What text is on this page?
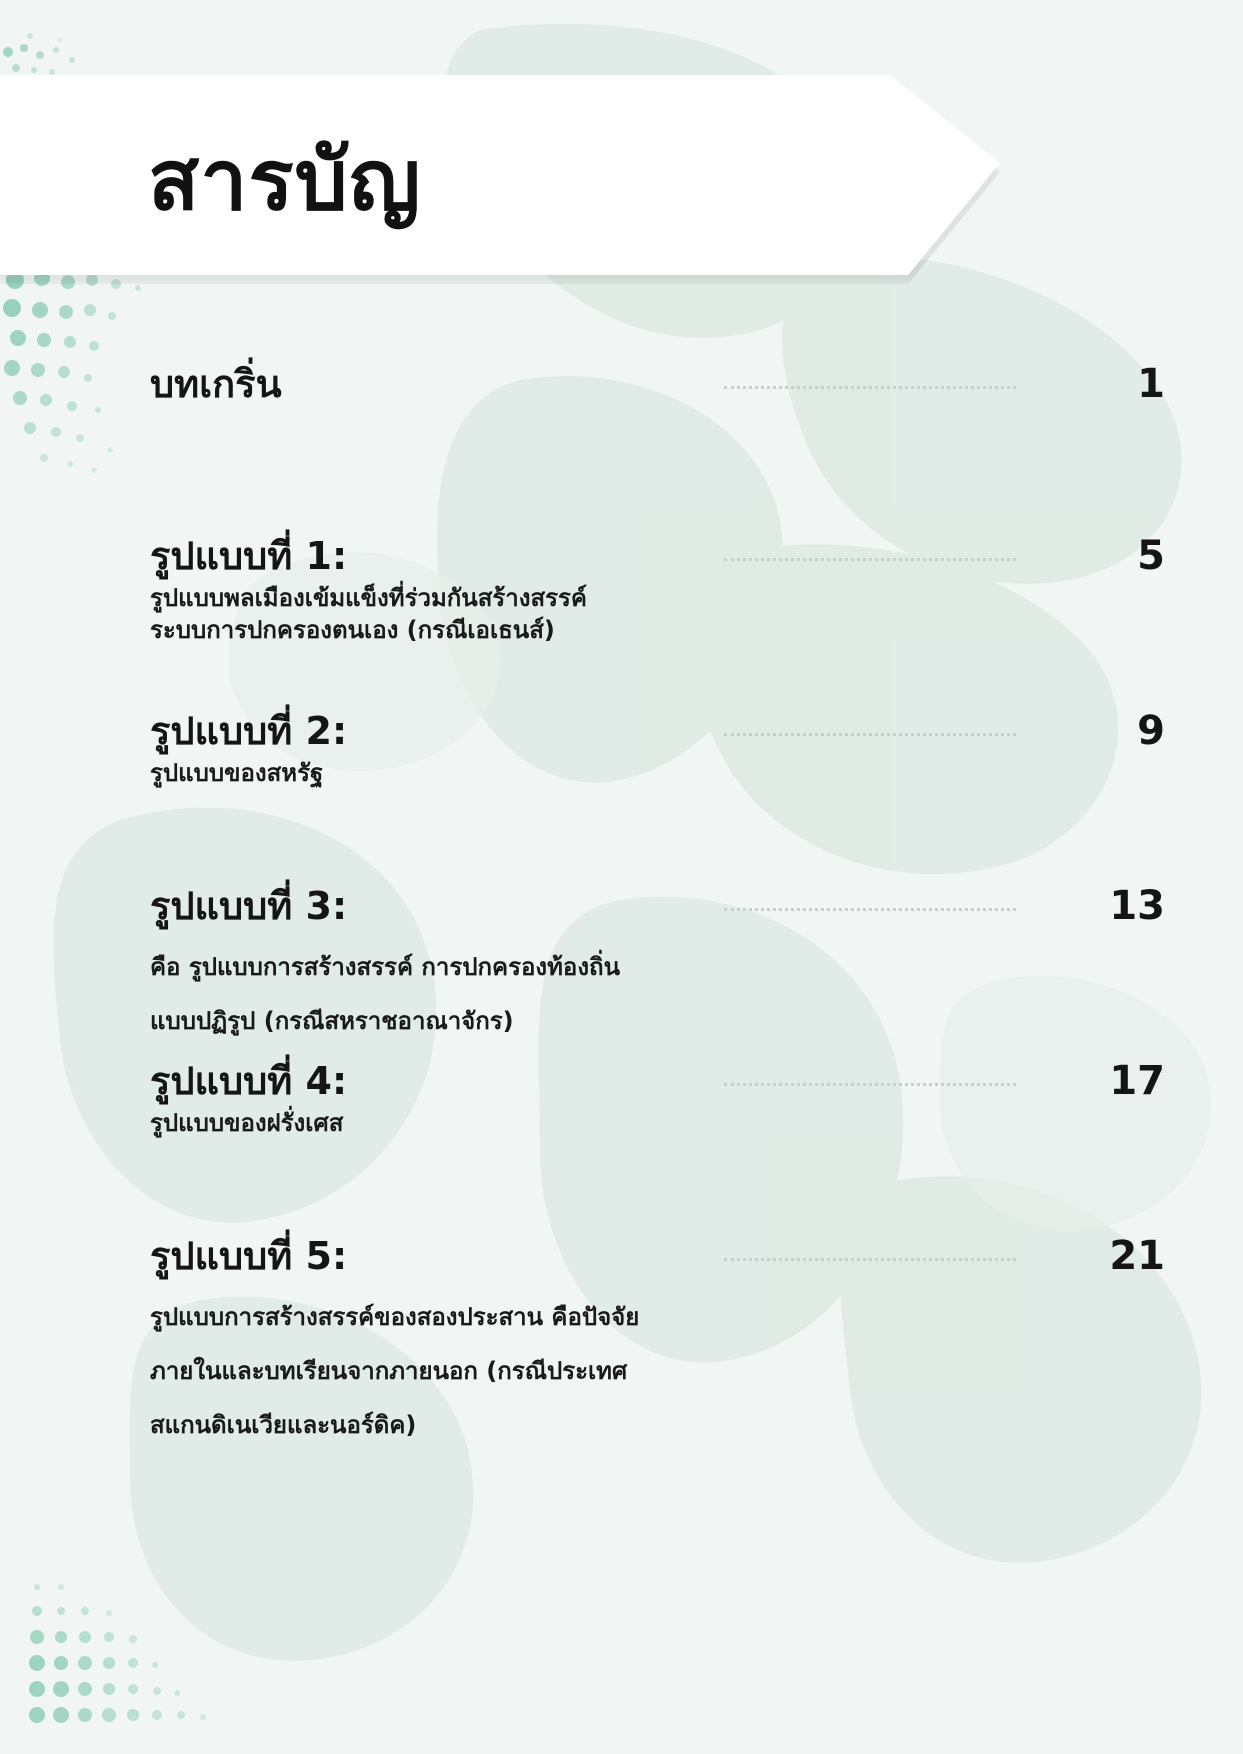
สารบัญ
บทเกริ่น	1
รูปแบบที่ 1:	5
รูปแบบพลเมืองเข้มแข็งที่ร่วมกันสร้างสรรค์
ระบบการปกครองตนเอง (กรณีเอเธนส์)
รูปแบบที่ 2:	9
รูปแบบของสหรัฐ
รูปแบบที่ 3:	13
คือ รูปแบบการสร้างสรรค์ การปกครองท้องถิ่น
แบบปฏิรูป (กรณีสหราชอาณาจักร)
รูปแบบที่ 4:	17
รูปแบบของฝรั่งเศส
รูปแบบที่ 5:	21
รูปแบบการสร้างสรรค์ของสองประสาน คือปัจจัย
ภายในและบทเรียนจากภายนอก (กรณีประเทศ
สแกนดิเนเวียและนอร์ดิค)
